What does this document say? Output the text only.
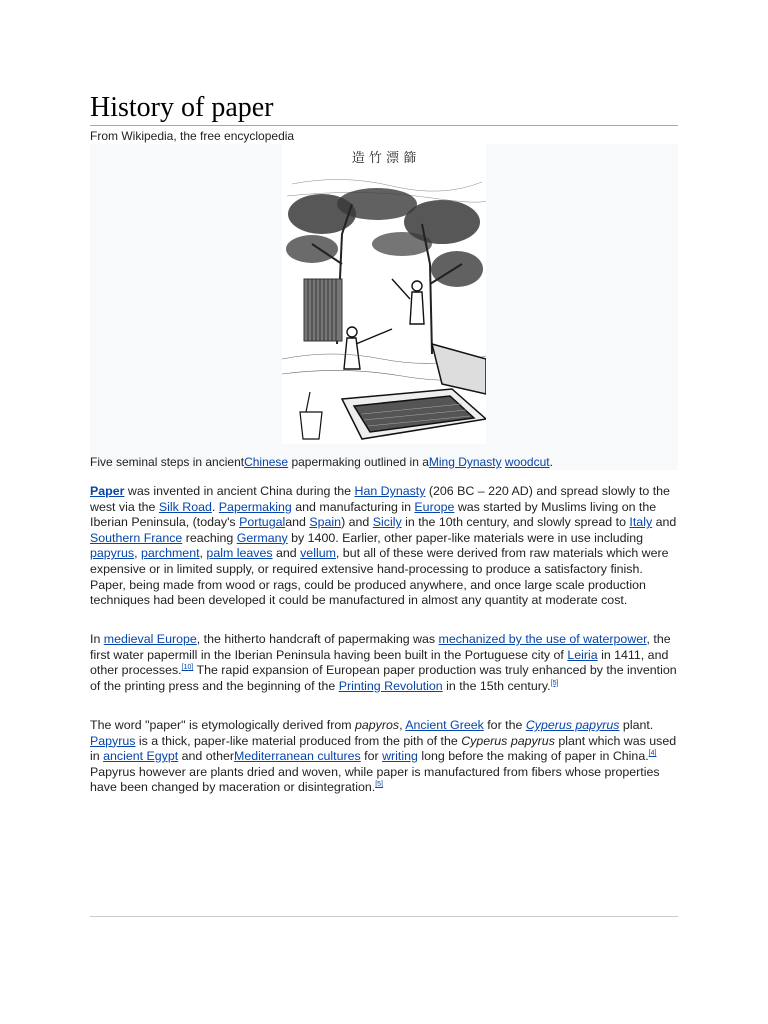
History of paper
From Wikipedia, the free encyclopedia
造 竹 漂 篩
Five seminal steps in ancientChinese papermaking outlined in aMing Dynasty woodcut.

Paper was invented in ancient China during the Han Dynasty (206 BC – 220 AD) and spread slowly to the west via the Silk Road. Papermaking and manufacturing in Europe was started by Muslims living on the Iberian Peninsula, (today's Portugaland Spain) and Sicily in the 10th century, and slowly spread to Italy and Southern France reaching Germany by 1400. Earlier, other paper-like materials were in use including papyrus, parchment, palm leaves and vellum, but all of these were derived from raw materials which were expensive or in limited supply, or required extensive hand-processing to produce a satisfactory finish. Paper, being made from wood or rags, could be produced anywhere, and once large scale production techniques had been developed it could be manufactured in almost any quantity at moderate cost.

In medieval Europe, the hitherto handcraft of papermaking was mechanized by the use of waterpower, the first water papermill in the Iberian Peninsula having been built in the Portuguese city of Leiria in 1411, and other processes.[10] The rapid expansion of European paper production was truly enhanced by the invention of the printing press and the beginning of the Printing Revolution in the 15th century.[5]

The word "paper" is etymologically derived from papyros, Ancient Greek for the Cyperus papyrus plant. Papyrus is a thick, paper-like material produced from the pith of the Cyperus papyrus plant which was used in ancient Egypt and otherMediterranean cultures for writing long before the making of paper in China.[4] Papyrus however are plants dried and woven, while paper is manufactured from fibers whose properties have been changed by maceration or disintegration.[5]
